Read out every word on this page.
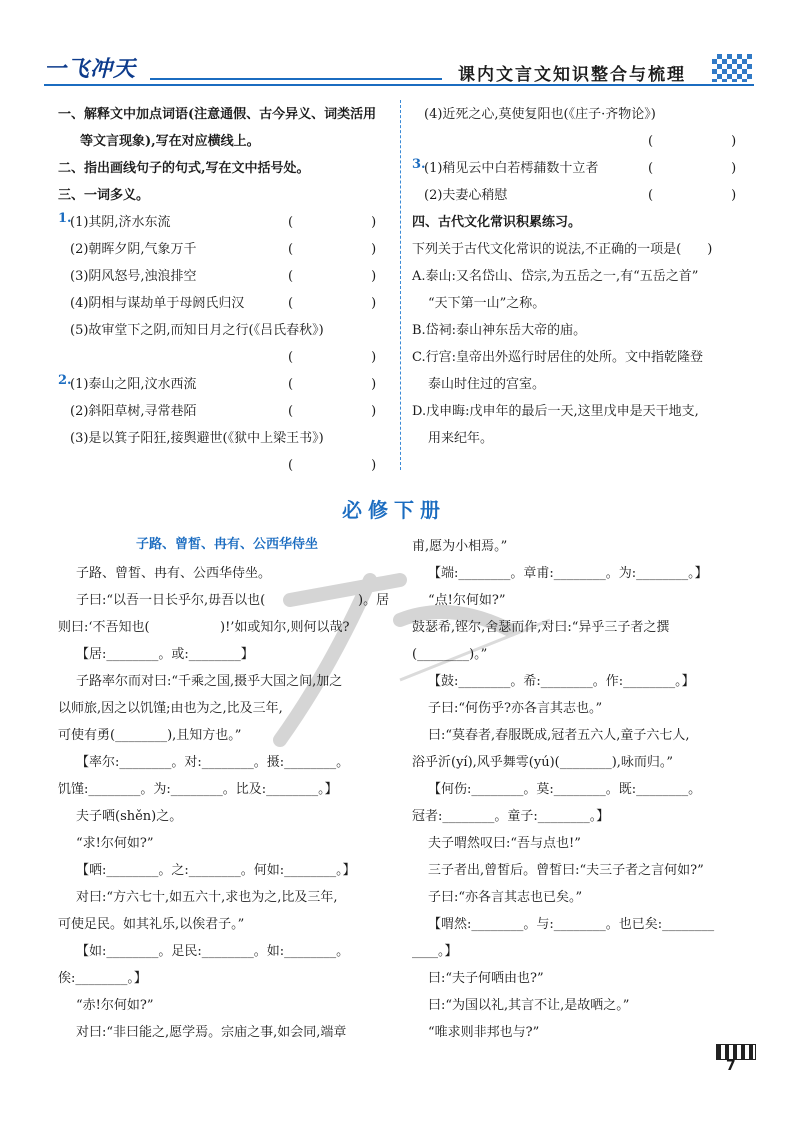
一飞冲天	课内文言文知识整合与梳理
一、解释文中加点词语(注意通假、古今异义、词类活用
等文言现象),写在对应横线上。
二、指出画线句子的句式,写在文中括号处。
三、一词多义。
1.
(1)其阴,济水东流	(　　　　　　)
(2)朝晖夕阴,气象万千	(　　　　　　)
(3)阴风怒号,浊浪排空	(　　　　　　)
(4)阴相与谋劫单于母阏氏归汉	(　　　　　　)
(5)故审堂下之阴,而知日月之行(《吕氏春秋》)
(　　　　　　)
2.
(1)泰山之阳,汶水西流	(　　　　　　)
(2)斜阳草树,寻常巷陌	(　　　　　　)
(3)是以箕子阳狂,接舆避世(《狱中上梁王书》)
(　　　　　　)
(4)近死之心,莫使复阳也(《庄子·齐物论》)
(　　　　　　)
3.
(1)稍见云中白若樗蒱数十立者	(　　　　　　)
(2)夫妻心稍慰	(　　　　　　)
四、古代文化常识积累练习。
下列关于古代文化常识的说法,不正确的一项是(　　)
A.泰山:又名岱山、岱宗,为五岳之一,有“五岳之首”
“天下第一山”之称。
B.岱祠:泰山神东岳大帝的庙。
C.行宫:皇帝出外巡行时居住的处所。文中指乾隆登
泰山时住过的宫室。
D.戊申晦:戊申年的最后一天,这里戊申是天干地支,
用来纪年。
必修下册
子路、曾皙、冉有、公西华侍坐
子路、曾皙、冉有、公西华侍坐。
子曰:“以吾一日长乎尔,毋吾以也(	)。居
则曰:‘不吾知也(	)!’如或知尔,则何以哉?
【居:________。或:________】
子路率尔而对曰:“千乘之国,摄乎大国之间,加之
以师旅,因之以饥馑;由也为之,比及三年,
可使有勇(________),且知方也。”
【率尔:________。对:________。摄:________。
饥馑:________。为:________。比及:________。】
夫子哂(shěn)之。
“求!尔何如?”
【哂:________。之:________。何如:________。】
对曰:“方六七十,如五六十,求也为之,比及三年,
可使足民。如其礼乐,以俟君子。”
【如:________。足民:________。如:________。
俟:________。】
“赤!尔何如?”
对曰:“非曰能之,愿学焉。宗庙之事,如会同,端章
甫,愿为小相焉。”
【端:________。章甫:________。为:________。】
“点!尔何如?”
鼓瑟希,铿尔,舍瑟而作,对曰:“异乎三子者之撰
(________)。”
【鼓:________。希:________。作:________。】
子曰:“何伤乎?亦各言其志也。”
曰:“莫春者,春服既成,冠者五六人,童子六七人,
浴乎沂(yí),风乎舞雩(yú)(________),咏而归。”
【何伤:________。莫:________。既:________。
冠者:________。童子:________。】
夫子喟然叹曰:“吾与点也!”
三子者出,曾皙后。曾皙曰:“夫三子者之言何如?”
子曰:“亦各言其志也已矣。”
【喟然:________。与:________。也已矣:________
____。】
曰:“夫子何哂由也?”
曰:“为国以礼,其言不让,是故哂之。”
“唯求则非邦也与?”
7
